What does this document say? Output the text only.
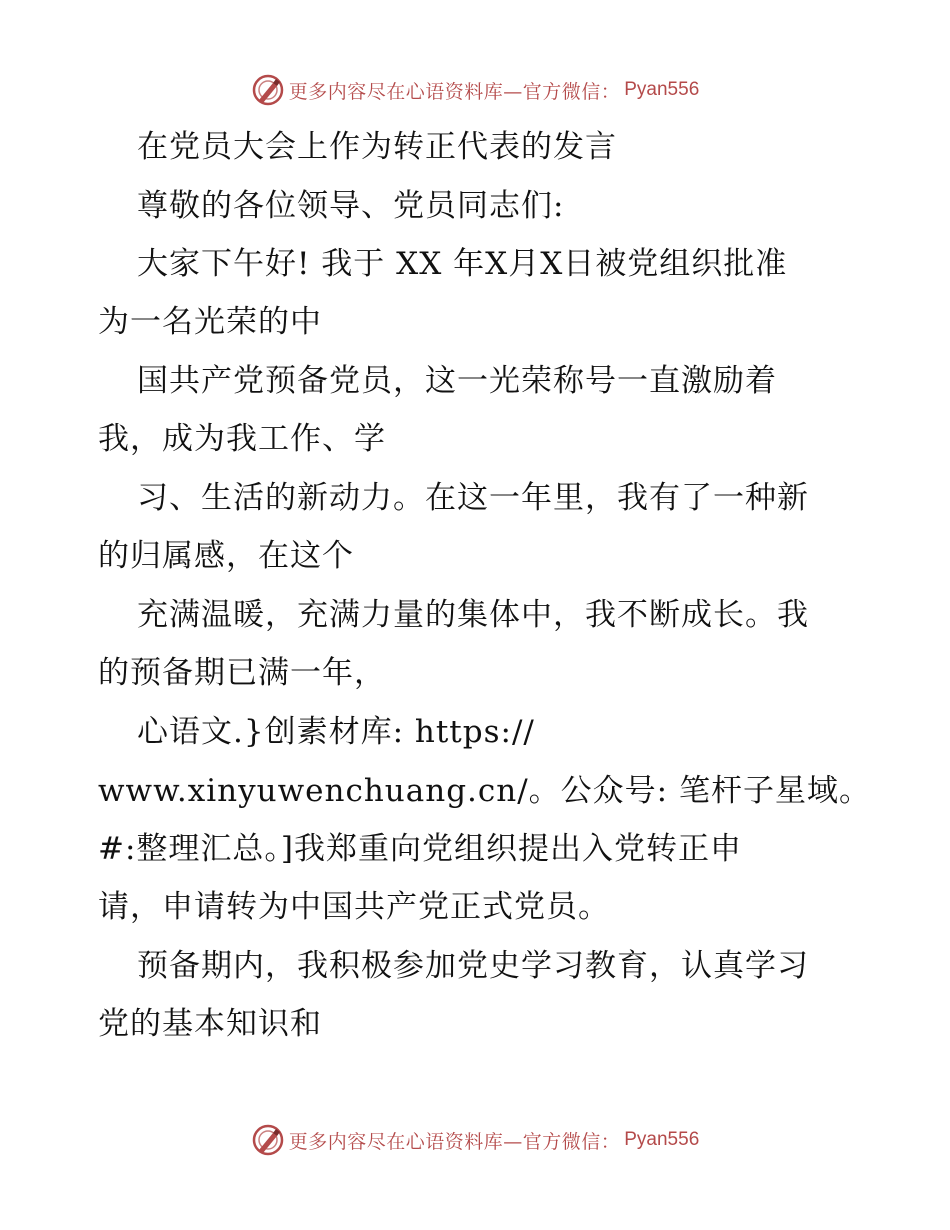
更多内容尽在心语资料库—官方微信： Pyan556
在党员大会上作为转正代表的发言
尊敬的各位领导、党员同志们:
大家下午好! 我于 XX 年X月X日被党组织批准
为一名光荣的中
国共产党预备党员，这一光荣称号一直激励着
我，成为我工作、学
习、生活的新动力。在这一年里，我有了一种新
的归属感，在这个
充满温暖，充满力量的集体中，我不断成长。我
的预备期已满一年，
心语文.}创素材库: https://
www.xinyuwenchuang.cn/。公众号: 笔杆子星域。
#:整理汇总。]我郑重向党组织提出入党转正申
请，申请转为中国共产党正式党员。
预备期内，我积极参加党史学习教育，认真学习
党的基本知识和
更多内容尽在心语资料库—官方微信： Pyan556
